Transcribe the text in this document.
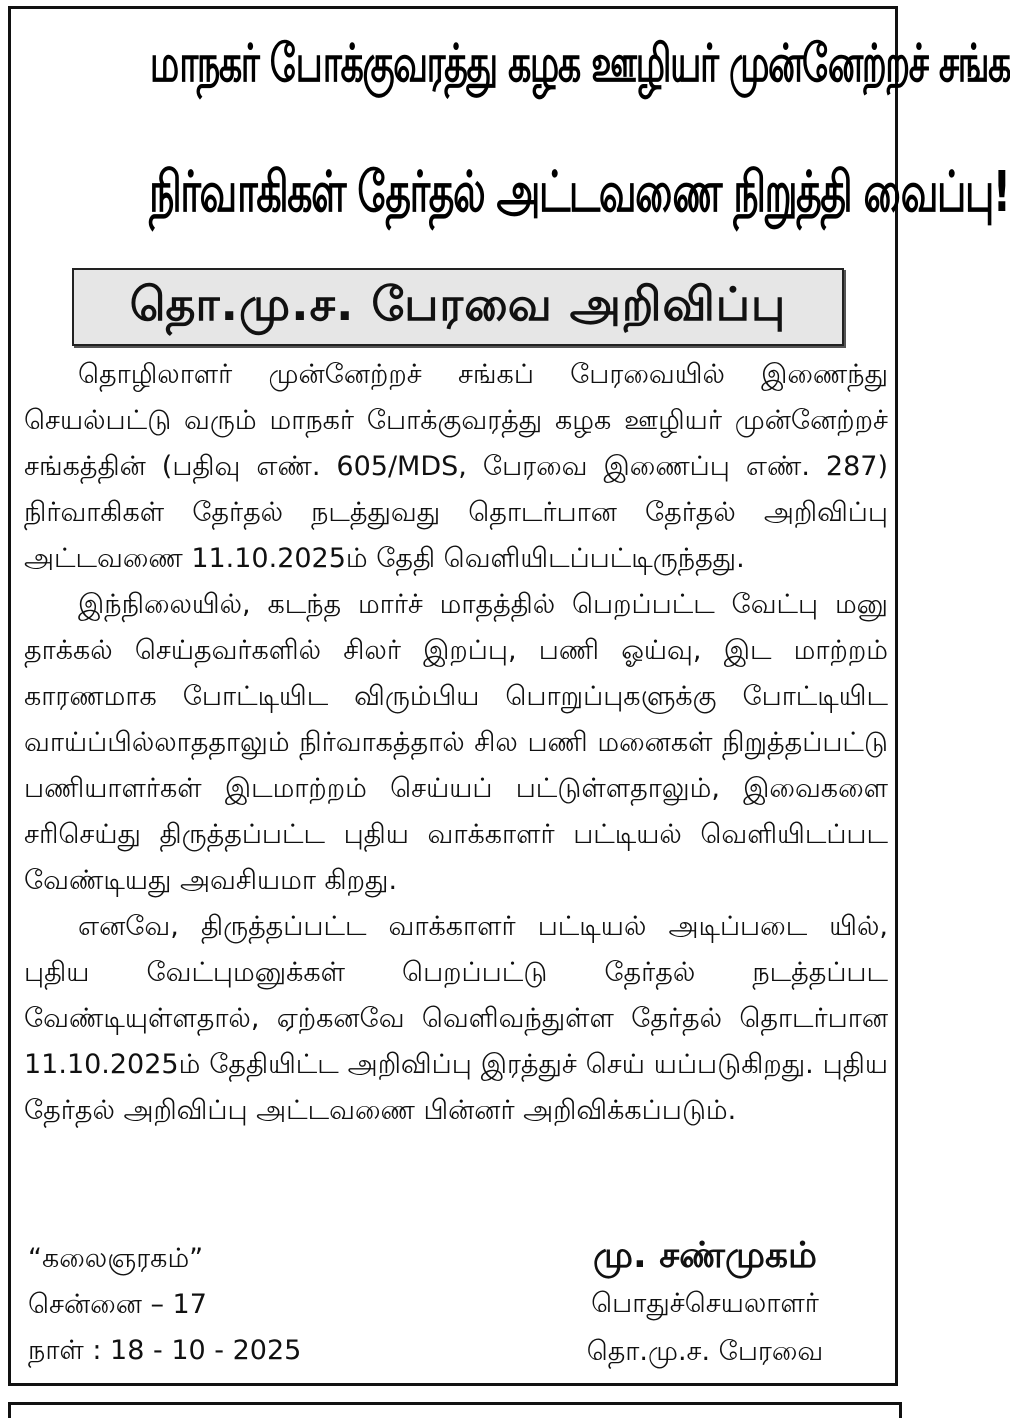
மாநகர் போக்குவரத்து கழக ஊழியர் முன்னேற்றச் சங்க
நிர்வாகிகள் தேர்தல் அட்டவணை நிறுத்தி வைப்பு!
தொ.மு.ச. பேரவை அறிவிப்பு

தொழிலாளர் முன்னேற்றச் சங்கப் பேரவையில் இணைந்து செயல்பட்டு வரும் மாநகர் போக்குவரத்து கழக ஊழியர் முன்னேற்றச் சங்கத்தின் (பதிவு எண். 605/MDS, பேரவை இணைப்பு எண். 287) நிர்வாகிகள் தேர்தல் நடத்துவது தொடர்பான தேர்தல் அறிவிப்பு அட்டவணை 11.10.2025ம் தேதி வெளியிடப்பட்டிருந்தது.

இந்நிலையில், கடந்த மார்ச் மாதத்தில் பெறப்பட்ட வேட்பு மனு தாக்கல் செய்தவர்களில் சிலர் இறப்பு, பணி ஓய்வு, இட மாற்றம் காரணமாக போட்டியிட விரும்பிய பொறுப்புகளுக்கு போட்டியிட வாய்ப்பில்லாததாலும் நிர்வாகத்தால் சில பணி மனைகள் நிறுத்தப்பட்டு பணியாளர்கள் இடமாற்றம் செய்யப் பட்டுள்ளதாலும், இவைகளை சரிசெய்து திருத்தப்பட்ட புதிய வாக்காளர் பட்டியல் வெளியிடப்பட வேண்டியது அவசியமா கிறது.

எனவே, திருத்தப்பட்ட வாக்காளர் பட்டியல் அடிப்படை யில், புதிய வேட்புமனுக்கள் பெறப்பட்டு தேர்தல் நடத்தப்பட வேண்டியுள்ளதால், ஏற்கனவே வெளிவந்துள்ள தேர்தல் தொடர்பான 11.10.2025ம் தேதியிட்ட அறிவிப்பு இரத்துச் செய் யப்படுகிறது. புதிய தேர்தல் அறிவிப்பு அட்டவணை பின்னர் அறிவிக்கப்படும்.

“கலைஞரகம்”
சென்னை – 17
நாள் : 18 - 10 - 2025
மு. சண்முகம்
பொதுச்செயலாளர்
தொ.மு.ச. பேரவை
